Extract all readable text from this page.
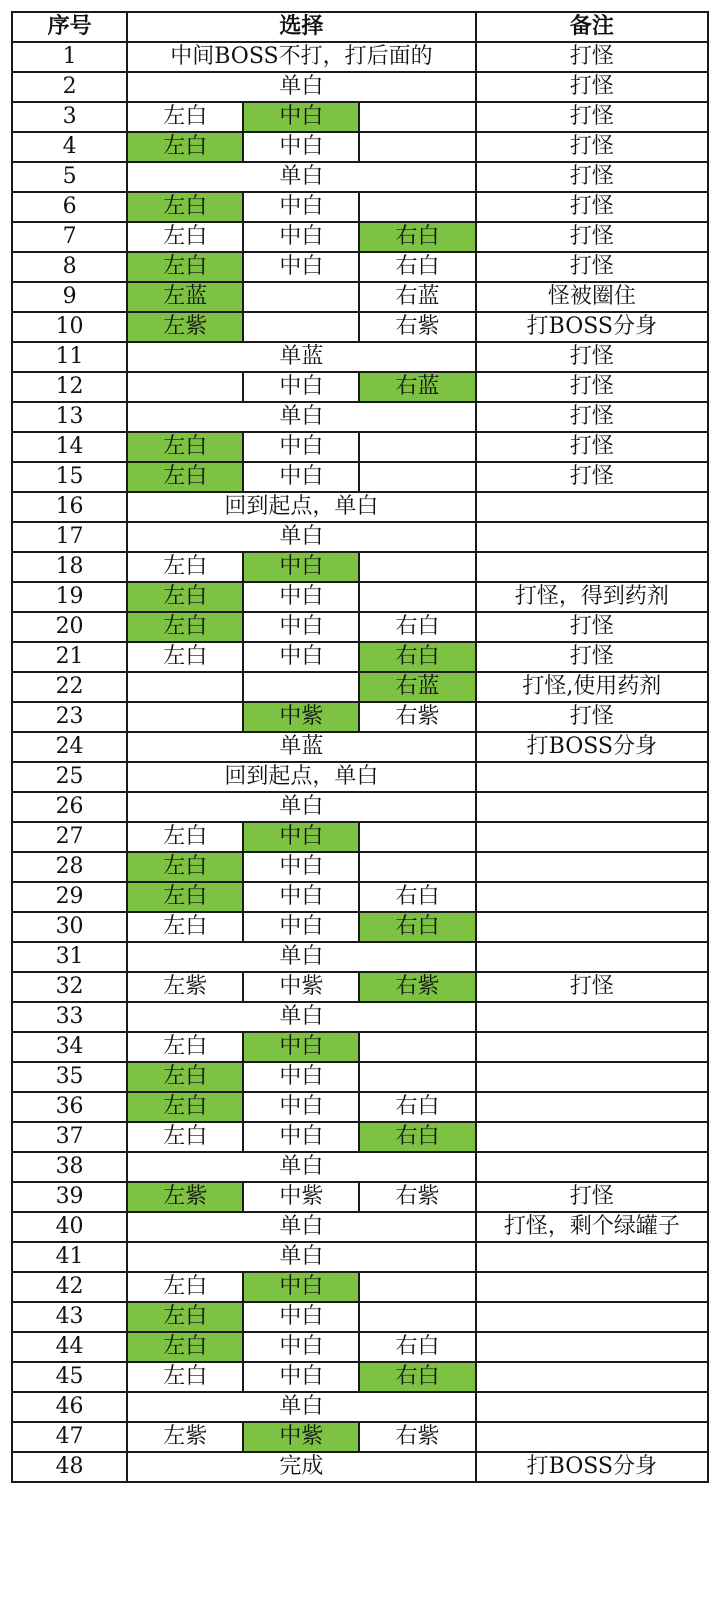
序号	选择			备注
1	中间BOSS不打，打后面的			打怪
2	单白			打怪
3	左白	中白		打怪
4	左白	中白		打怪
5	单白			打怪
6	左白	中白		打怪
7	左白	中白	右白	打怪
8	左白	中白	右白	打怪
9	左蓝		右蓝	怪被圈住
10	左紫		右紫	打BOSS分身
11	单蓝			打怪
12		中白	右蓝	打怪
13	单白			打怪
14	左白	中白		打怪
15	左白	中白		打怪
16	回到起点，单白			
17	单白			
18	左白	中白		
19	左白	中白		打怪，得到药剂
20	左白	中白	右白	打怪
21	左白	中白	右白	打怪
22			右蓝	打怪,使用药剂
23		中紫	右紫	打怪
24	单蓝			打BOSS分身
25	回到起点，单白			
26	单白			
27	左白	中白		
28	左白	中白		
29	左白	中白	右白	
30	左白	中白	右白	
31	单白			
32	左紫	中紫	右紫	打怪
33	单白			
34	左白	中白		
35	左白	中白		
36	左白	中白	右白	
37	左白	中白	右白	
38	单白			
39	左紫	中紫	右紫	打怪
40	单白			打怪，剩个绿罐子
41	单白			
42	左白	中白		
43	左白	中白		
44	左白	中白	右白	
45	左白	中白	右白	
46	单白			
47	左紫	中紫	右紫	
48	完成			打BOSS分身
